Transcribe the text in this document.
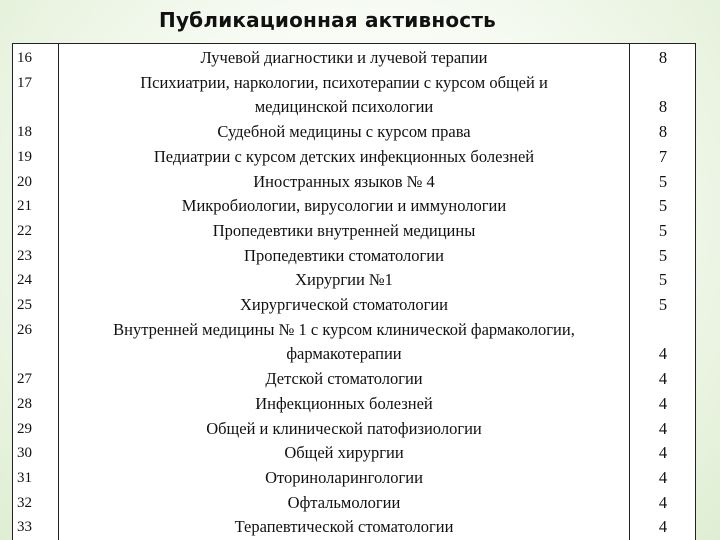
Публикационная активность
16	Лучевой диагностики и лучевой терапии	8
17	Психиатрии, наркологии, психотерапии с курсом общей и
медицинской психологии	8
18	Судебной медицины с курсом права	8
19	Педиатрии с курсом детских инфекционных болезней	7
20	Иностранных языков № 4	5
21	Микробиологии, вирусологии и иммунологии	5
22	Пропедевтики внутренней медицины	5
23	Пропедевтики стоматологии	5
24	Хирургии №1	5
25	Хирургической стоматологии	5
26	Внутренней медицины № 1 с курсом клинической фармакологии,
фармакотерапии	4
27	Детской стоматологии	4
28	Инфекционных болезней	4
29	Общей и клинической патофизиологии	4
30	Общей хирургии	4
31	Оториноларингологии	4
32	Офтальмологии	4
33	Терапевтической стоматологии	4
